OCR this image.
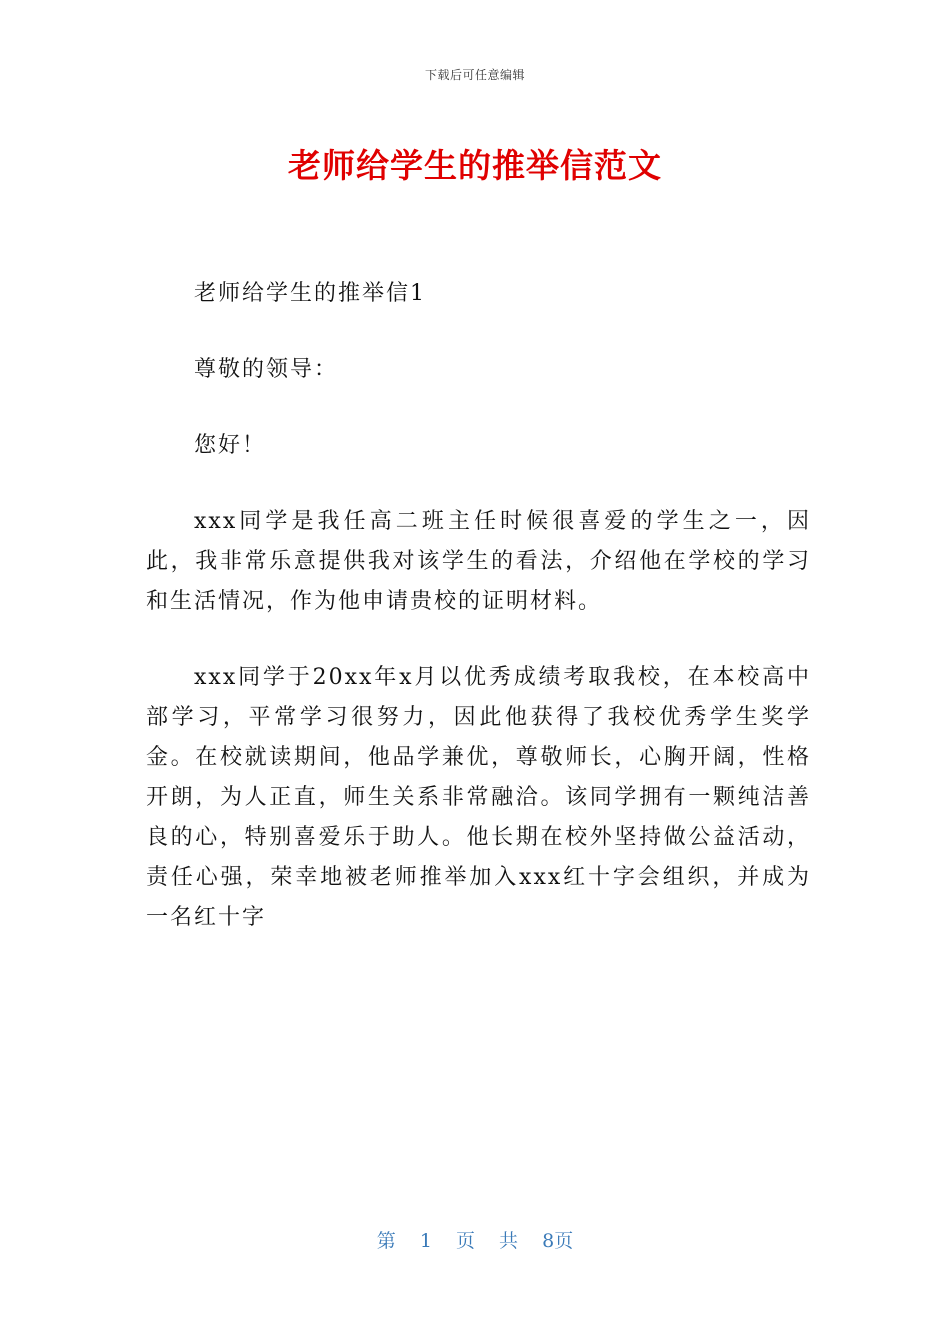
下载后可任意编辑
老师给学生的推举信范文

老师给学生的推举信1

尊敬的领导：

您好！

xxx同学是我任高二班主任时候很喜爱的学生之一，因此，我非常乐意提供我对该学生的看法，介绍他在学校的学习和生活情况，作为他申请贵校的证明材料。

xxx同学于20xx年x月以优秀成绩考取我校，在本校高中部学习，平常学习很努力，因此他获得了我校优秀学生奖学金。在校就读期间，他品学兼优，尊敬师长，心胸开阔，性格开朗，为人正直，师生关系非常融洽。该同学拥有一颗纯洁善良的心，特别喜爱乐于助人。他长期在校外坚持做公益活动，责任心强，荣幸地被老师推举加入xxx红十字会组织，并成为一名红十字

第 1 页 共 8页
